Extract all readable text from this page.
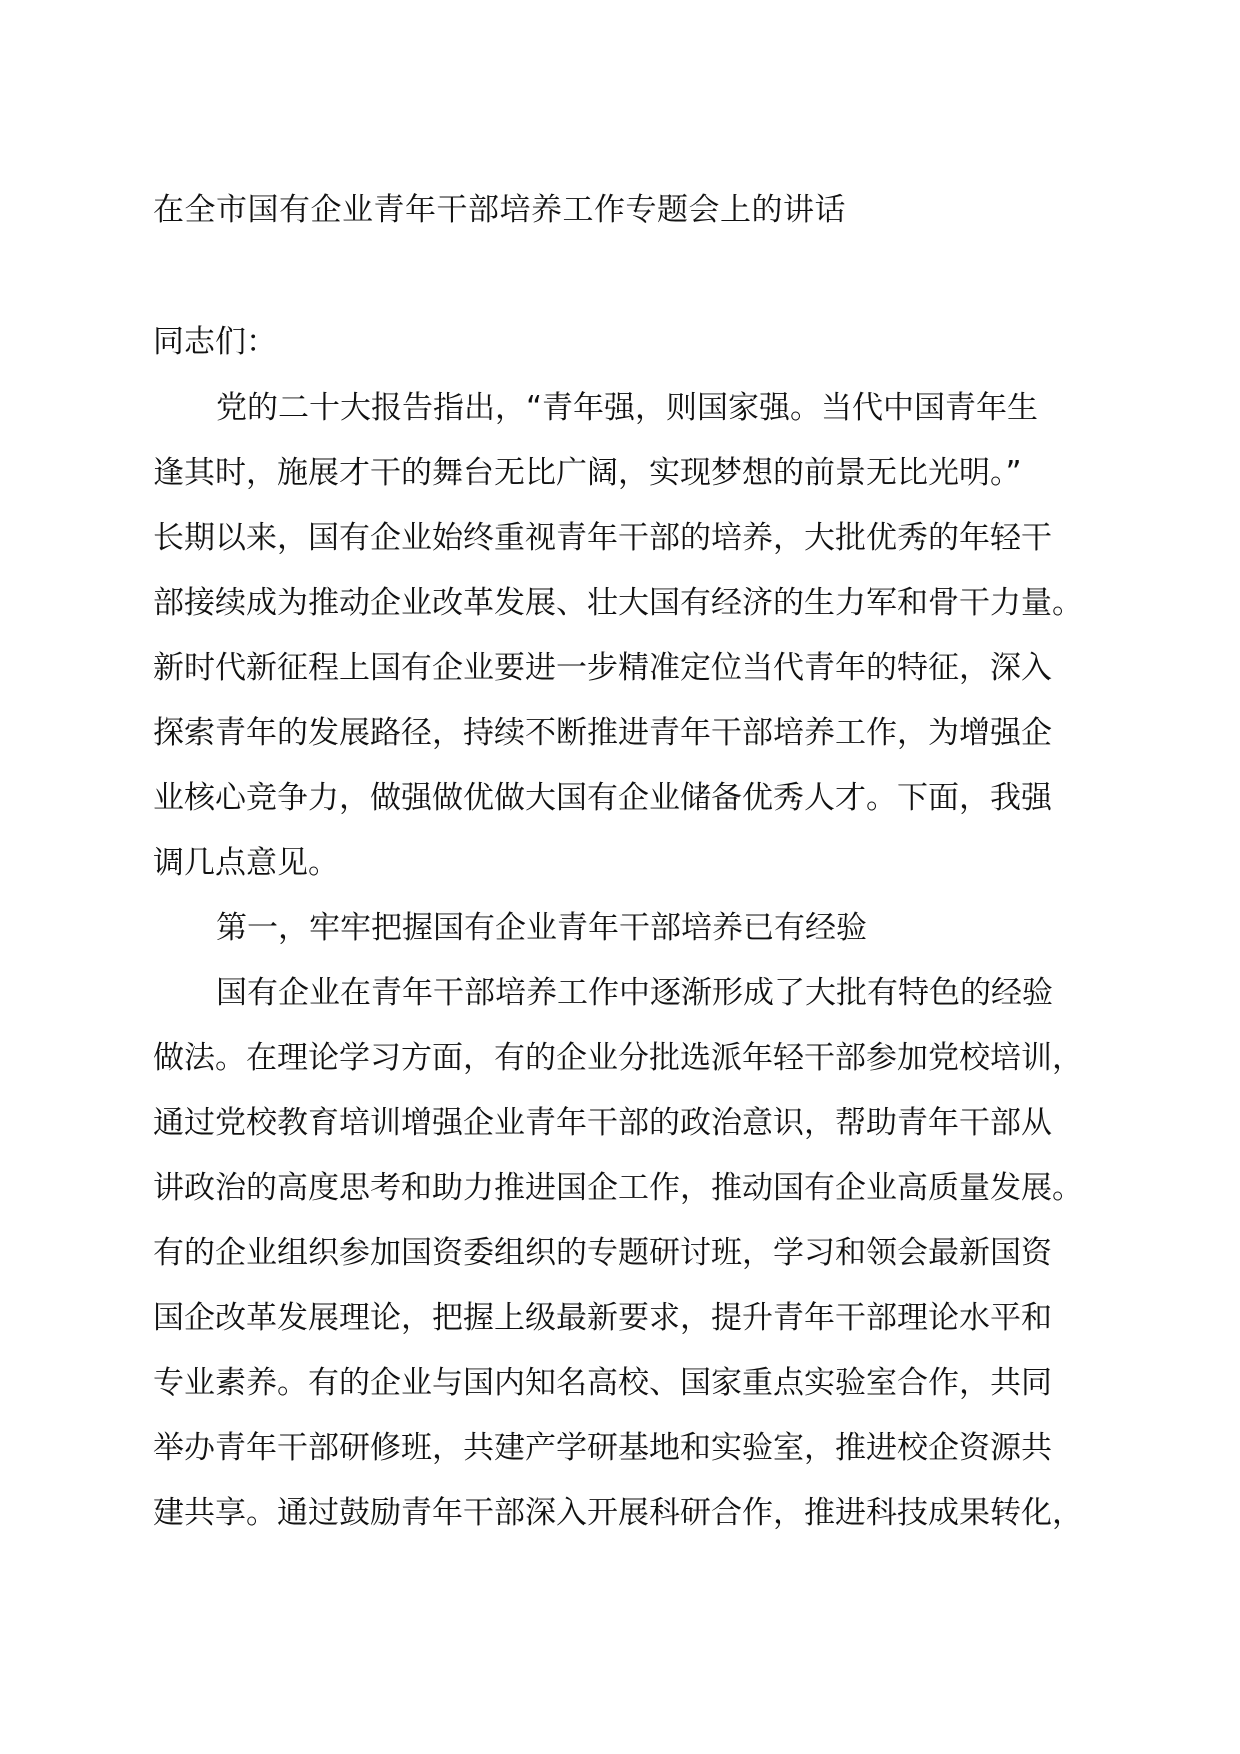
在全市国有企业青年干部培养工作专题会上的讲话
同志们：
党的二十大报告指出，“青年强，则国家强。当代中国青年生
逢其时，施展才干的舞台无比广阔，实现梦想的前景无比光明。”
长期以来，国有企业始终重视青年干部的培养，大批优秀的年轻干
部接续成为推动企业改革发展、壮大国有经济的生力军和骨干力量。
新时代新征程上国有企业要进一步精准定位当代青年的特征，深入
探索青年的发展路径，持续不断推进青年干部培养工作，为增强企
业核心竞争力，做强做优做大国有企业储备优秀人才。下面，我强
调几点意见。
第一，牢牢把握国有企业青年干部培养已有经验
国有企业在青年干部培养工作中逐渐形成了大批有特色的经验
做法。在理论学习方面，有的企业分批选派年轻干部参加党校培训，
通过党校教育培训增强企业青年干部的政治意识，帮助青年干部从
讲政治的高度思考和助力推进国企工作，推动国有企业高质量发展。
有的企业组织参加国资委组织的专题研讨班，学习和领会最新国资
国企改革发展理论，把握上级最新要求，提升青年干部理论水平和
专业素养。有的企业与国内知名高校、国家重点实验室合作，共同
举办青年干部研修班，共建产学研基地和实验室，推进校企资源共
建共享。通过鼓励青年干部深入开展科研合作，推进科技成果转化，
